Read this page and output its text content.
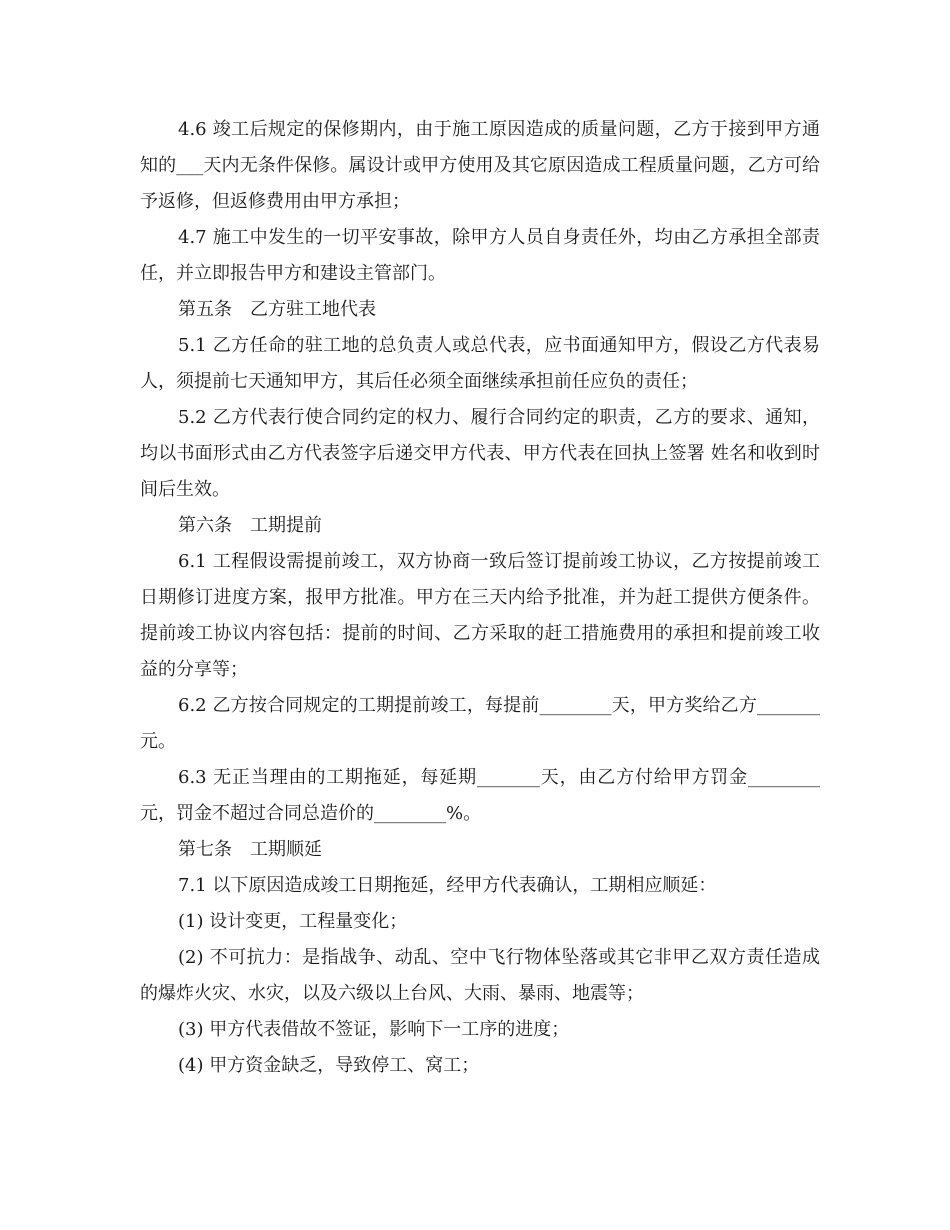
4.6 竣工后规定的保修期内，由于施工原因造成的质量问题，乙方于接到甲方通知的___天内无条件保修。属设计或甲方使用及其它原因造成工程质量问题，乙方可给予返修，但返修费用由甲方承担；

4.7 施工中发生的一切平安事故，除甲方人员自身责任外，均由乙方承担全部责任，并立即报告甲方和建设主管部门。

第五条　乙方驻工地代表

5.1 乙方任命的驻工地的总负责人或总代表，应书面通知甲方，假设乙方代表易人，须提前七天通知甲方，其后任必须全面继续承担前任应负的责任；

5.2 乙方代表行使合同约定的权力、履行合同约定的职责，乙方的要求、通知，均以书面形式由乙方代表签字后递交甲方代表、甲方代表在回执上签署 姓名和收到时间后生效。

第六条　工期提前

6.1 工程假设需提前竣工，双方协商一致后签订提前竣工协议，乙方按提前竣工日期修订进度方案，报甲方批准。甲方在三天内给予批准，并为赶工提供方便条件。提前竣工协议内容包括：提前的时间、乙方采取的赶工措施费用的承担和提前竣工收益的分享等；

6.2 乙方按合同规定的工期提前竣工，每提前________天，甲方奖给乙方_______元。

6.3 无正当理由的工期拖延，每延期_______天，由乙方付给甲方罚金________元，罚金不超过合同总造价的________%。

第七条　工期顺延

7.1 以下原因造成竣工日期拖延，经甲方代表确认，工期相应顺延：

(1) 设计变更，工程量变化；

(2) 不可抗力：是指战争、动乱、空中飞行物体坠落或其它非甲乙双方责任造成的爆炸火灾、水灾，以及六级以上台风、大雨、暴雨、地震等；

(3) 甲方代表借故不签证，影响下一工序的进度；

(4) 甲方资金缺乏，导致停工、窝工；
